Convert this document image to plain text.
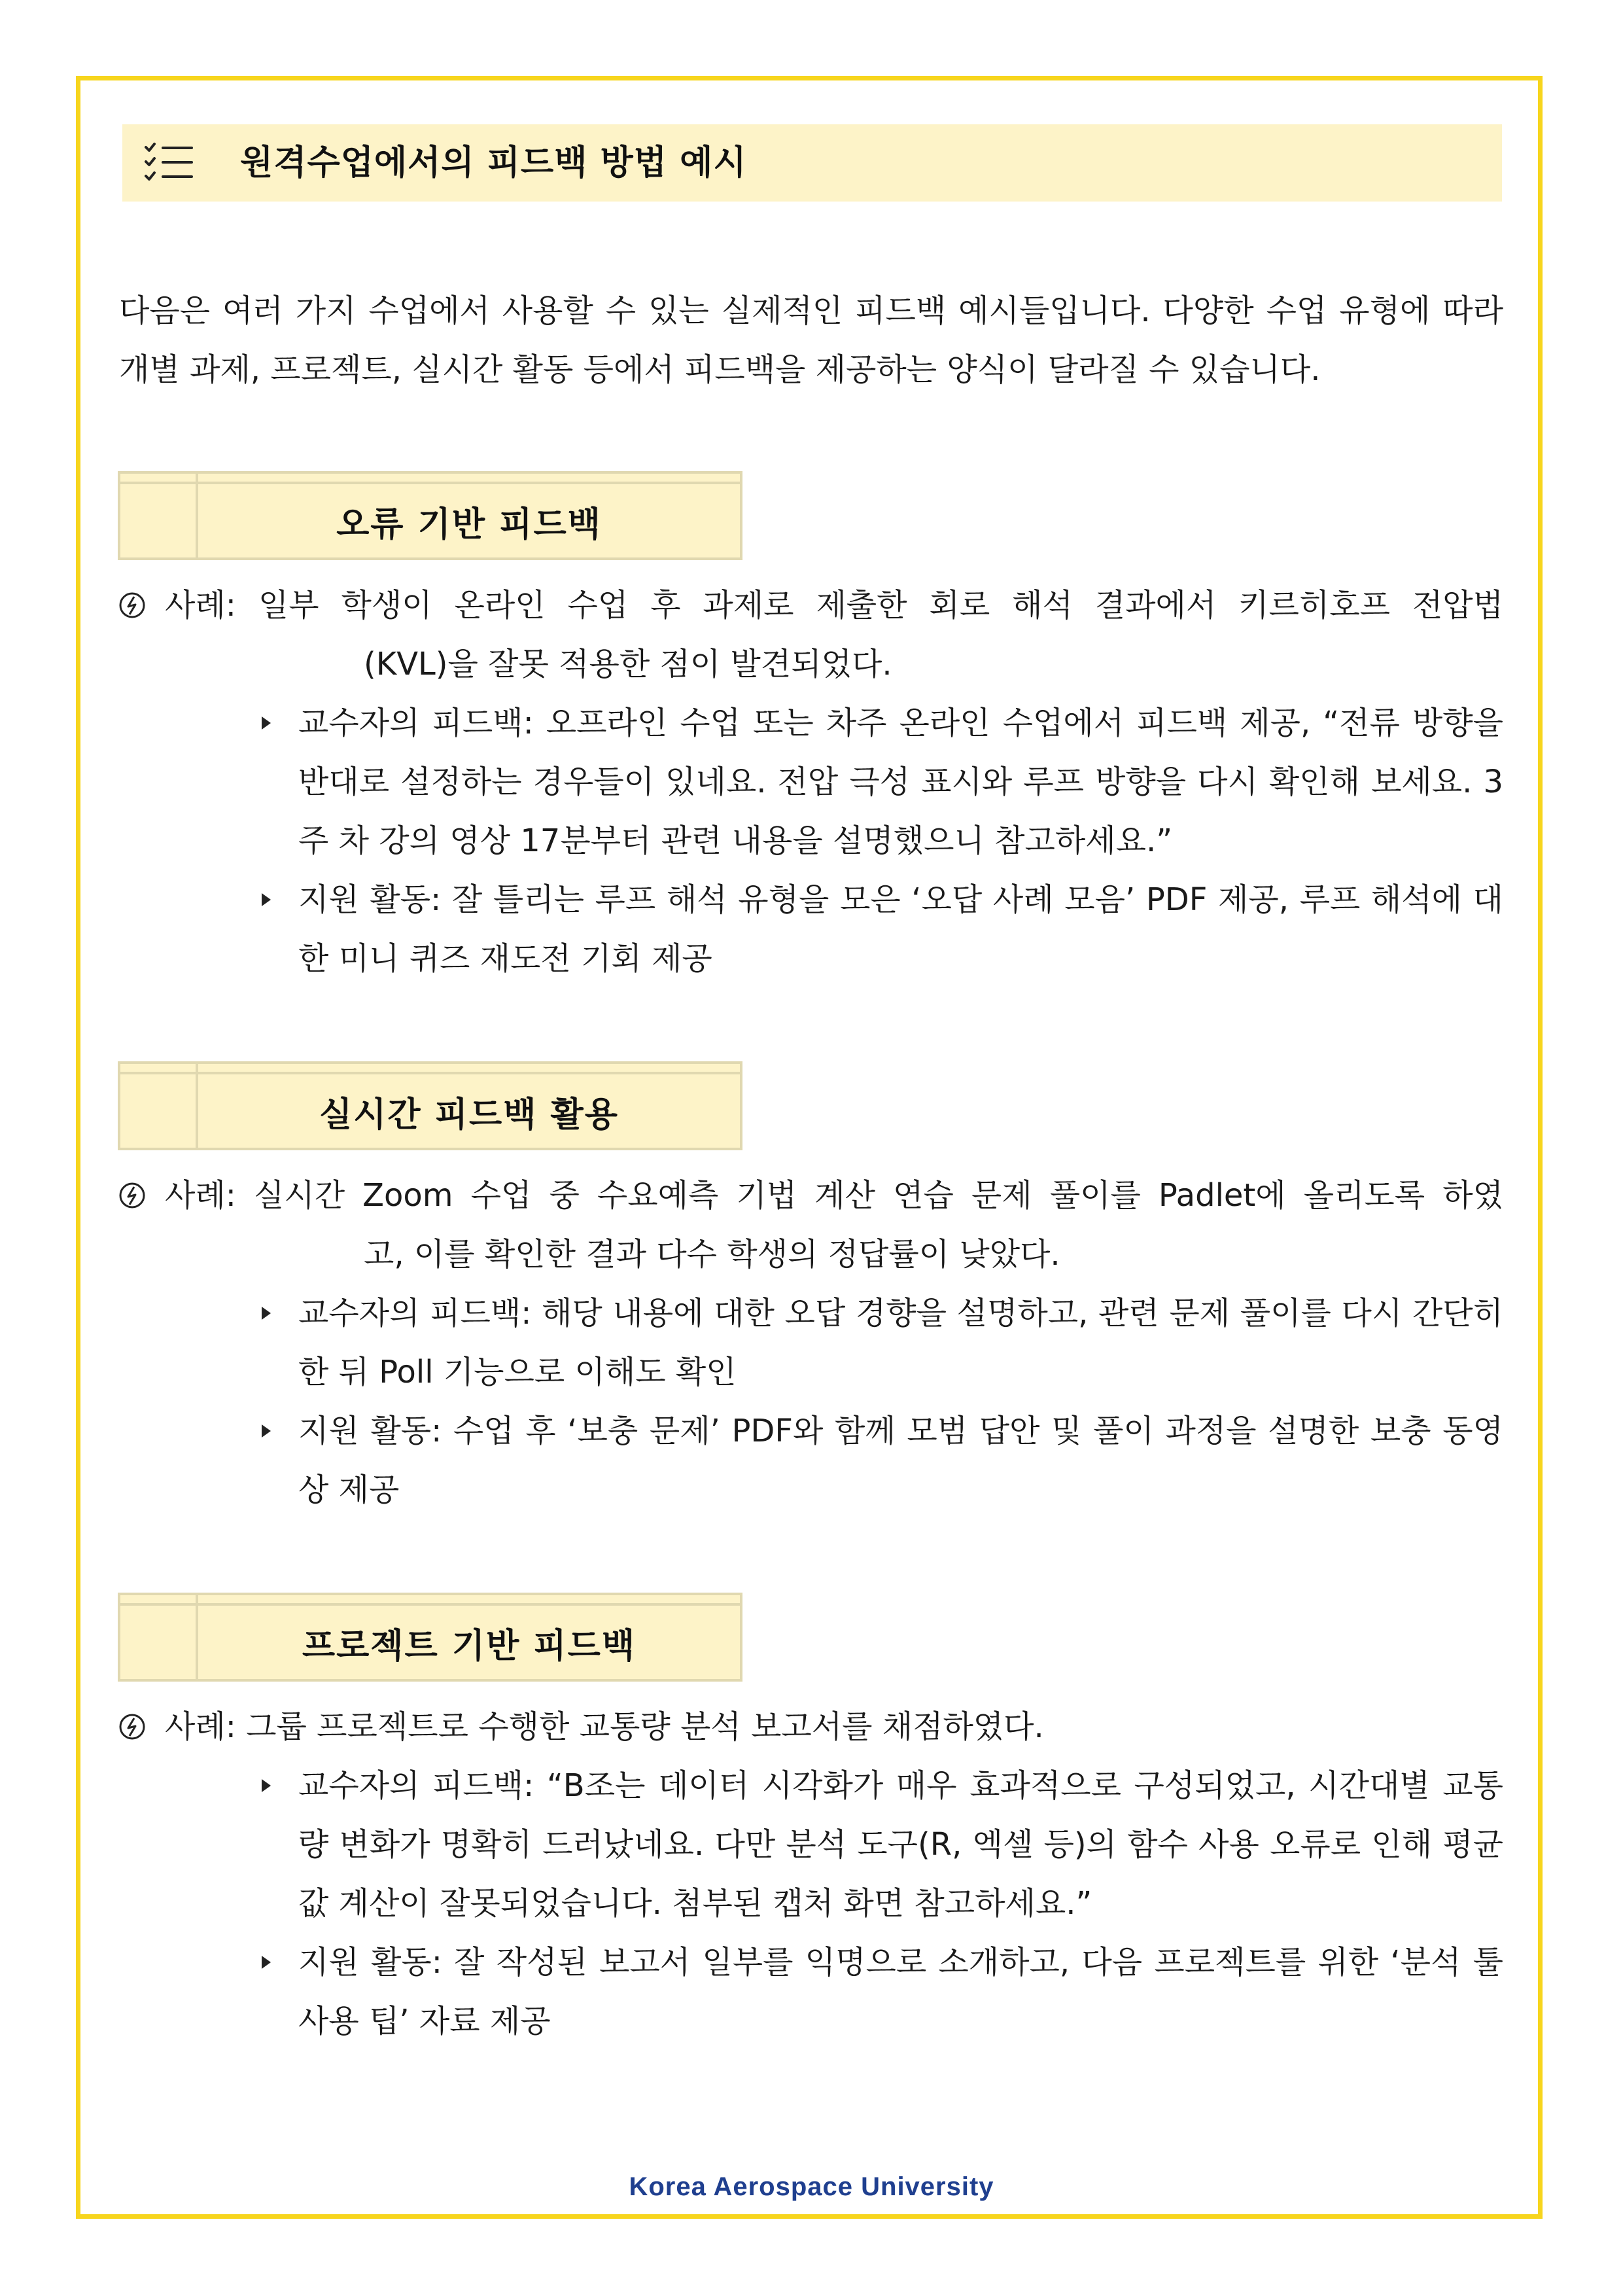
원격수업에서의 피드백 방법 예시
다음은 여러 가지 수업에서 사용할 수 있는 실제적인 피드백 예시들입니다. 다양한 수업 유형에 따라 개별 과제, 프로젝트, 실시간 활동 등에서 피드백을 제공하는 양식이 달라질 수 있습니다.
오류 기반 피드백
사례: 일부 학생이 온라인 수업 후 과제로 제출한 회로 해석 결과에서 키르히호프 전압법
(KVL)을 잘못 적용한 점이 발견되었다.
교수자의 피드백: 오프라인 수업 또는 차주 온라인 수업에서 피드백 제공, “전류 방향을 반대로 설정하는 경우들이 있네요. 전압 극성 표시와 루프 방향을 다시 확인해 보세요. 3주 차 강의 영상 17분부터 관련 내용을 설명했으니 참고하세요.”
지원 활동: 잘 틀리는 루프 해석 유형을 모은 ‘오답 사례 모음’ PDF 제공, 루프 해석에 대한 미니 퀴즈 재도전 기회 제공
실시간 피드백 활용
사례: 실시간 Zoom 수업 중 수요예측 기법 계산 연습 문제 풀이를 Padlet에 올리도록 하였
고, 이를 확인한 결과 다수 학생의 정답률이 낮았다.
교수자의 피드백: 해당 내용에 대한 오답 경향을 설명하고, 관련 문제 풀이를 다시 간단히 한 뒤 Poll 기능으로 이해도 확인
지원 활동: 수업 후 ‘보충 문제’ PDF와 함께 모범 답안 및 풀이 과정을 설명한 보충 동영상 제공
프로젝트 기반 피드백
사례: 그룹 프로젝트로 수행한 교통량 분석 보고서를 채점하였다.
교수자의 피드백: “B조는 데이터 시각화가 매우 효과적으로 구성되었고, 시간대별 교통량 변화가 명확히 드러났네요. 다만 분석 도구(R, 엑셀 등)의 함수 사용 오류로 인해 평균값 계산이 잘못되었습니다. 첨부된 캡처 화면 참고하세요.”
지원 활동: 잘 작성된 보고서 일부를 익명으로 소개하고, 다음 프로젝트를 위한 ‘분석 툴 사용 팁’ 자료 제공
Korea Aerospace University
